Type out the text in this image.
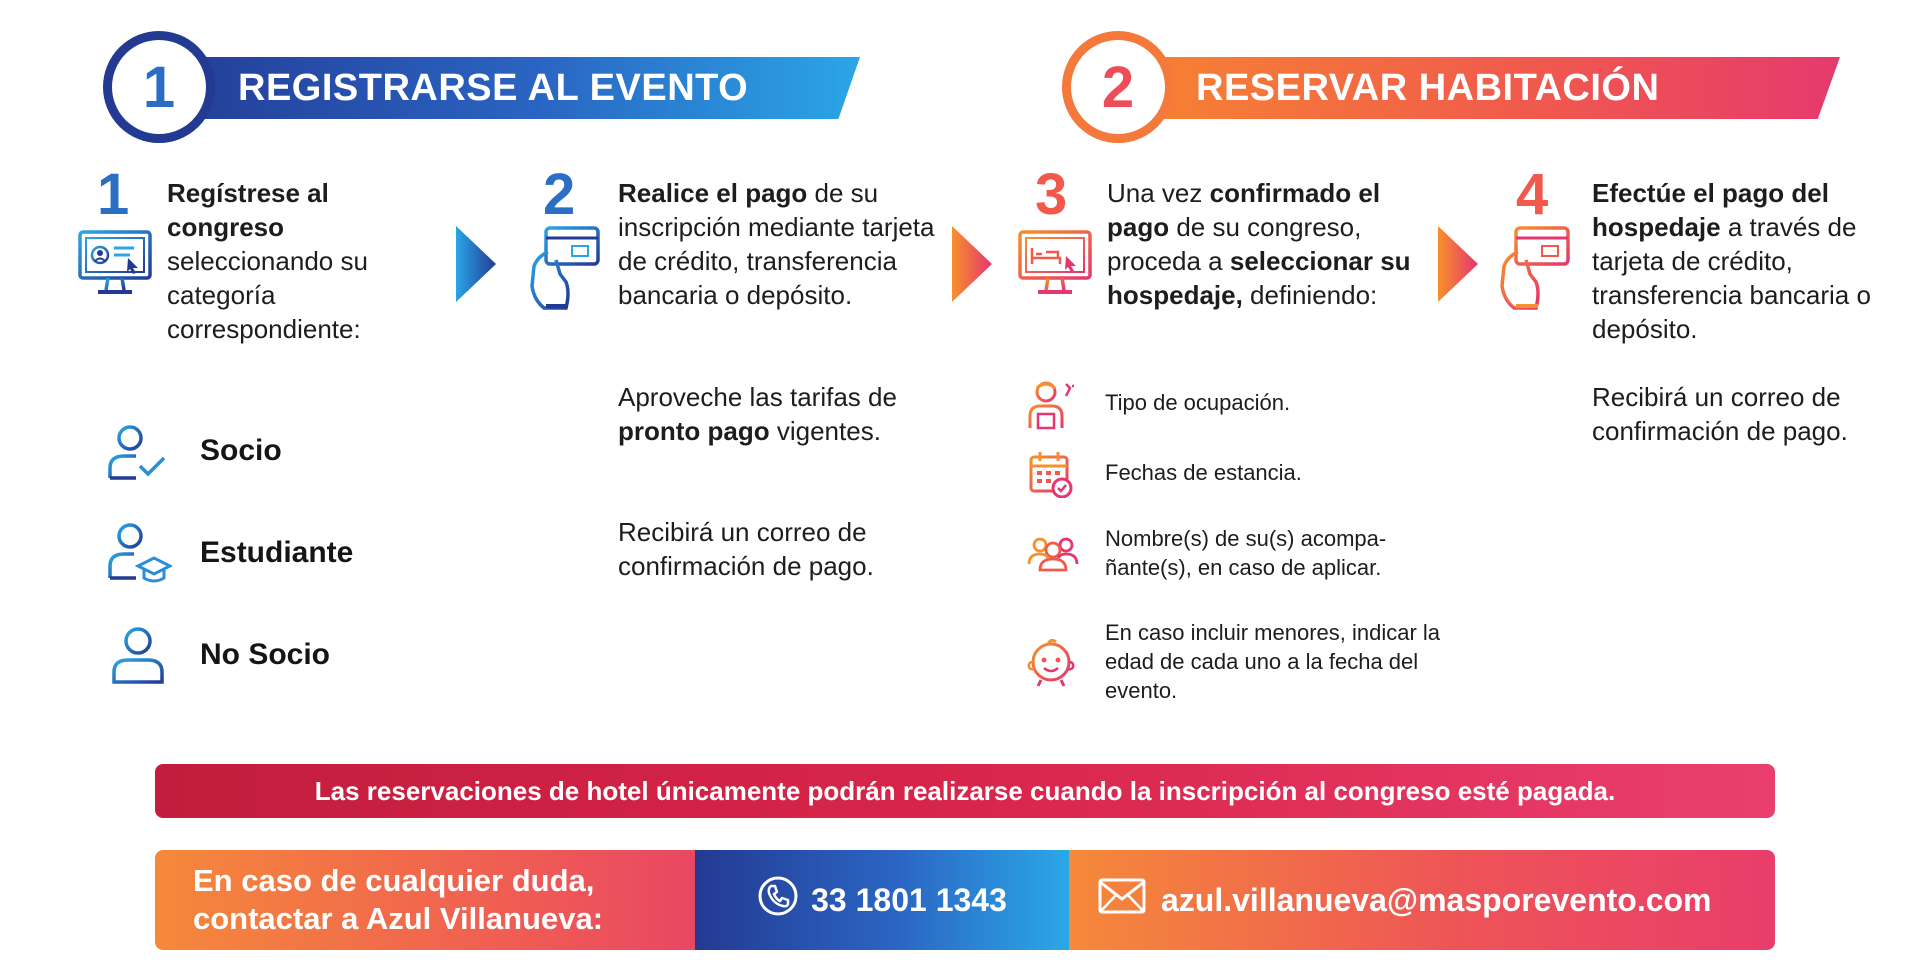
REGISTRARSE AL EVENTO
1	RESERVAR HABITACIÓN
2
1 Regístrese al congreso seleccionando su categoría correspondiente:
Socio
Estudiante
No Socio
2 Realice el pago de su inscripción mediante tarjeta de crédito, transferencia bancaria o depósito.
Aproveche las tarifas de pronto pago vigentes.
Recibirá un correo de confirmación de pago.
3 Una vez confirmado el pago de su congreso, proceda a seleccionar su hospedaje, definiendo:
Tipo de ocupación.
Fechas de estancia.
Nombre(s) de su(s) acompa-ñante(s), en caso de aplicar.
En caso incluir menores, indicar la edad de cada uno a la fecha del evento.
4 Efectúe el pago del hospedaje a través de tarjeta de crédito, transferencia bancaria o depósito.
Recibirá un correo de confirmación de pago.
Las reservaciones de hotel únicamente podrán realizarse cuando la inscripción al congreso esté pagada.
En caso de cualquier duda,
contactar a Azul Villanueva:
33 1801 1343	azul.villanueva@masporevento.com
